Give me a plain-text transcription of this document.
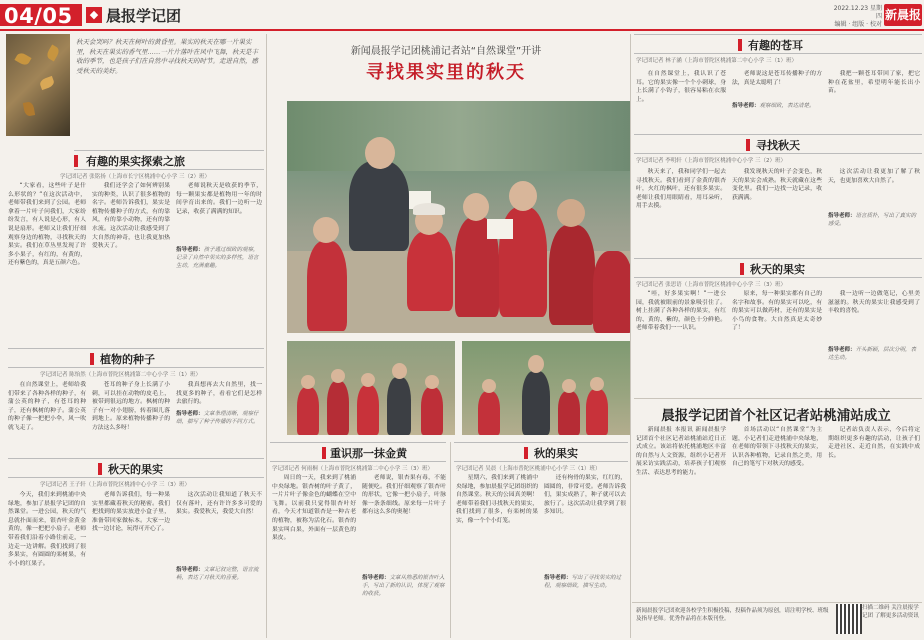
04/05	◆ 晨报学记团	2022.12.23 星期四
编辑 · 组版 · 校对
新晨报
秋天会哭吗？秋天在树叶的黄昏里。果实的秋天在哪一片果实里，秋天在果实的香气里……一片片落叶在风中飞舞，秋天是丰收的季节，也是孩子们在自然中寻找秋天的时节。走进自然，感受秋天的美好。
有趣的果实探索之旅
学记团记者 张铭扬（上海市长宁区桃浦中心小学 三（2）班）
“大家看，这些叶子是什么形状的？”在这次活动中，老师带我们来到了公园。老师拿着一片叶子问我们，大家纷纷发言，有人说是心形，有人说是扇形。老师又让我们仔细观察身边的植物，寻找秋天的果实。我们在草丛里发现了许多小果子，有红的，有黄的，还有紫色的，真是五颜六色。
我们还学会了如何辨别果实的种类，认识了很多植物的名字。老师告诉我们，果实是植物传播种子的方式，有的靠风，有的靠小动物，还有的靠水流。这次活动让我感受到了大自然的神奇，也让我更加热爱秋天了。
老师说秋天是收获的季节，每一颗果实都是植物用一年的时间孕育出来的。我们一边听一边记录，收获了满满的知识。
指导老师：孩子通过细致的观察，记录了自然中果实的多样性，语言生动，充满童趣。
植物的种子
学记团记者 陈怡然（上海市普陀区桃浦第二中心小学 三（1）班）
在自然课堂上，老师给我们带来了各种各样的种子，有蒲公英的种子，有苍耳的种子，还有枫树的种子。蒲公英的种子像一把把小伞，风一吹就飞走了。
苍耳的种子身上长满了小刺，可以挂在动物的皮毛上，被带到很远的地方。枫树的种子有一对小翅膀，转着圈儿落到地上。原来植物传播种子的方法这么多呀！
我真想再去大自然里，找一找更多的种子，看看它们是怎样去旅行的。
指导老师：文章条理清晰，观察仔细，描写了种子传播的不同方式。
秋天的果实
学记团记者 王子轩（上海市普陀区桃浦中心小学 三（3）班）
今天，我们来到桃浦中央绿地，参加了晨报学记团的自然课堂。一进公园，秋天的气息就扑面而来，银杏叶金黄金黄的，像一把把小扇子。老师带着我们沿着小路往前走，一边走一边讲解。我们找到了很多果实，有圆圆的栾树果，有小小的红果子。
老师告诉我们，每一种果实里都藏着秋天的秘密。我们把找到的果实放进小盒子里，准备带回家做标本。大家一边找一边讨论，玩得可开心了。
这次活动让我知道了秋天不仅有落叶，还有许许多多可爱的果实。我爱秋天，我爱大自然！
指导老师：文章记叙完整，语言流畅，表达了对秋天的喜爱。
新闻晨报学记团桃浦记者站“自然课堂”开讲
寻找果实里的秋天
重识那一抹金黄
学记团记者 何雨桐（上海市普陀区桃浦第二中心小学 三（3）班）
周日的一天，我来到了桃浦中央绿地。银杏树的叶子黄了，一片片叶子像金色的蝴蝶在空中飞舞。以前我只觉得银杏叶好看，今天才知道银杏是一种古老的植物，被称为活化石。银杏的果实叫白果，外面有一层黄色的果皮。
老师说，银杏果有毒，不能随便吃。我们仔细观察了银杏叶的形状，它像一把小扇子，叶脉像一条条细线。原来每一片叶子都有这么多的奥秘！
指导老师：文章从熟悉的银杏叶入手，写出了新的认识，体现了观察的收获。
秋的果实
学记团记者 吴晨（上海市普陀区桃浦中心小学 三（1）班）
星期六，我们来到了桃浦中央绿地，参加晨报学记团组织的自然课堂。秋天的公园真美啊！老师带着我们寻找秋天的果实，我们找到了很多，有栾树的果实，像一个个小灯笼。
还有枸骨的果实，红红的，圆圆的，非常可爱。老师告诉我们，果实成熟了，种子就可以去旅行了。这次活动让我学到了很多知识。
指导老师：写出了寻找果实的过程，观察细致，描写生动。
有趣的苍耳
学记团记者 林子涵（上海市普陀区桃浦第二中心小学 三（1）班）
在自然课堂上，我认识了苍耳。它的果实像一个个小刺球，身上长满了小钩子，很容易粘在衣服上。
老师说这是苍耳传播种子的方法，真是太聪明了！
指导老师：观察细致，表达清楚。
我把一颗苍耳带回了家，把它种在花盆里，希望明年能长出小苗。
寻找秋天
学记团记者 李明轩（上海市普陀区桃浦中心小学 三（2）班）
秋天来了，我和同学们一起去寻找秋天。我们看到了金黄的银杏叶，火红的枫叶，还有很多果实。老师让我们用眼睛看，用耳朵听，用手去摸。
我发现秋天的叶子会变色，秋天的果实会成熟。秋天就藏在这些变化里。我们一边找一边记录，收获满满。
这次活动让我更加了解了秋天，也更加喜欢大自然了。
指导老师：语言质朴，写出了真实的感受。
秋天的果实
学记团记者 张思语（上海市普陀区桃浦中心小学 三（3）班）
“哇，好多果实啊！”一进公园，我就被眼前的景象吸引住了。树上挂满了各种各样的果实，有红的、黄的、紫的，颜色十分鲜艳。老师带着我们一一认识。
原来，每一种果实都有自己的名字和故事。有的果实可以吃，有的果实可以做药材，还有的果实是小鸟的食物。大自然真是太奇妙了！
我一边听一边做笔记，心里美滋滋的。秋天的果实让我感受到了丰收的喜悦。
指导老师：开头新颖，层次分明，表达生动。
晨报学记团首个社区记者站桃浦站成立
新闻晨报 本报讯 新闻晨报学记团首个社区记者站桃浦站近日正式成立。该站将依托桃浦地区丰富的自然与人文资源，组织小记者开展采访实践活动，培养孩子们观察生活、表达思考的能力。
首场活动以“自然课堂”为主题，小记者们走进桃浦中央绿地，在老师的带领下寻找秋天的果实，认识各种植物，记录自然之美，用自己的笔写下对秋天的感受。
记者站负责人表示，今后将定期组织更多有趣的活动，让孩子们走进社区、走近自然，在实践中成长。
新闻晨报学记团欢迎各校学生积极投稿，投稿作品须为原创，请注明学校、班级及指导老师。优秀作品将在本版刊登。
扫描二维码 关注晨报学记团 了解更多活动资讯
